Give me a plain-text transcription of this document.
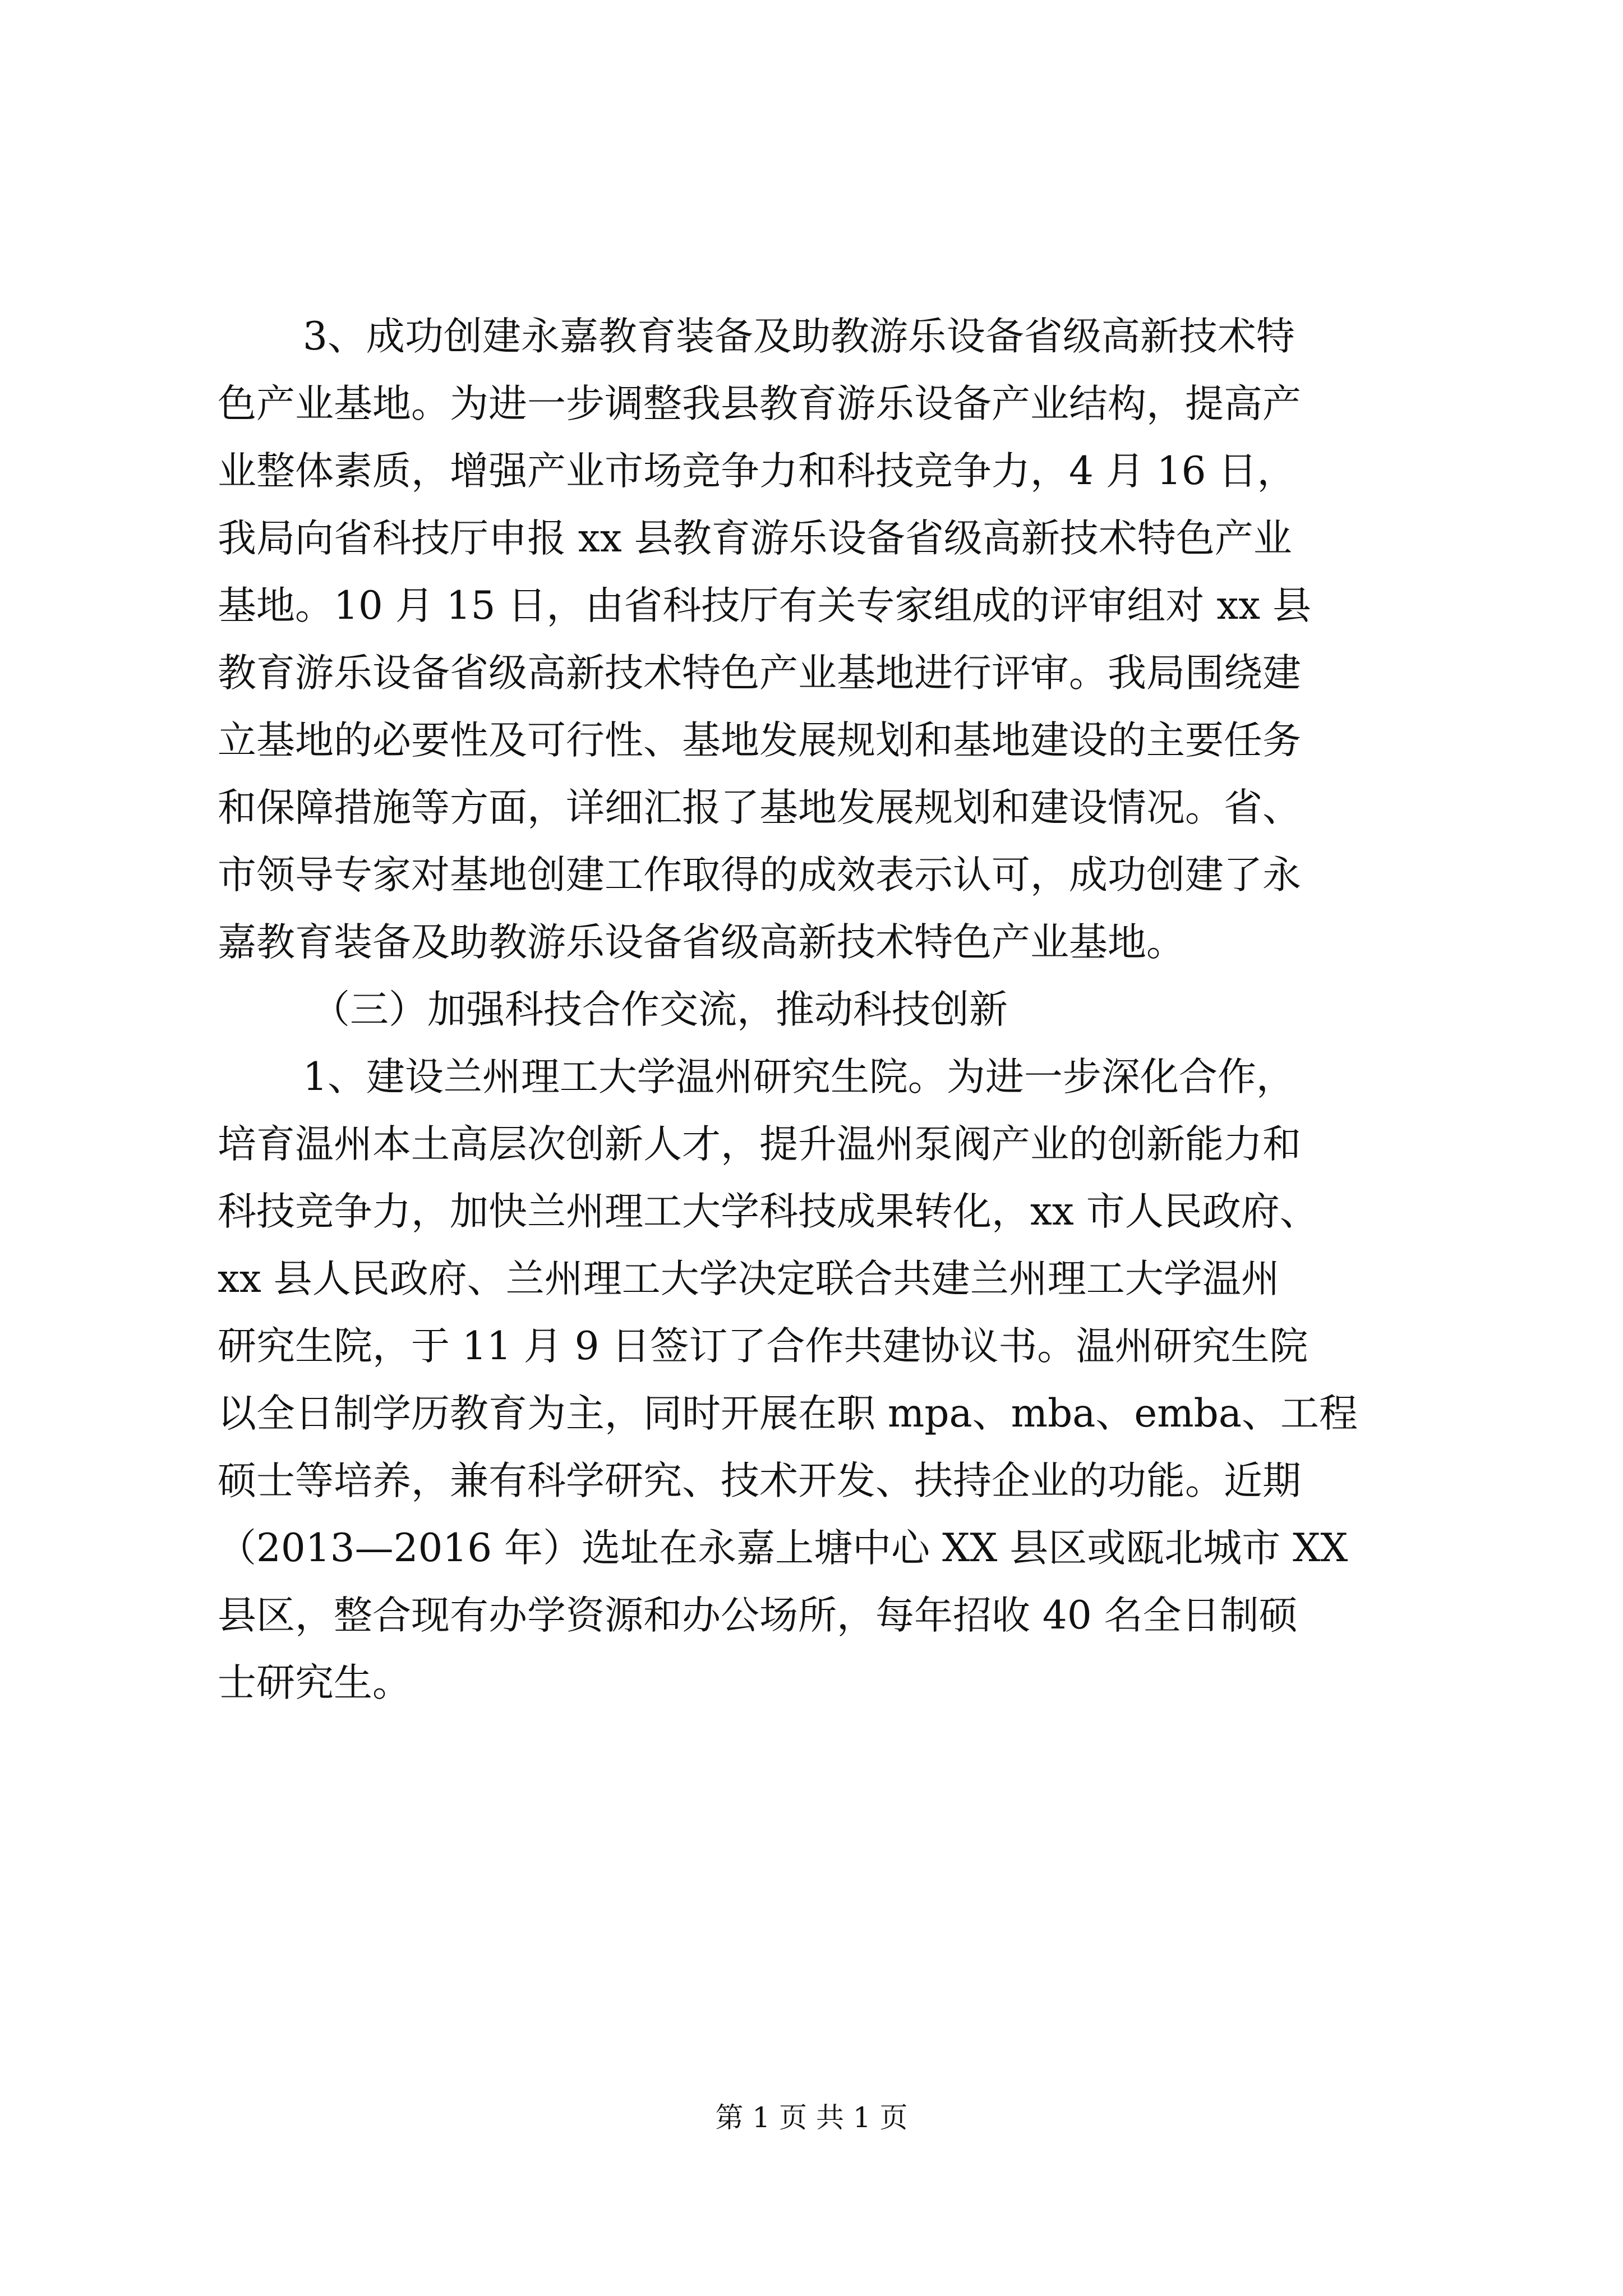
3、成功创建永嘉教育装备及助教游乐设备省级高新技术特
色产业基地。为进一步调整我县教育游乐设备产业结构，提高产
业整体素质，增强产业市场竞争力和科技竞争力，4 月 16 日，
我局向省科技厅申报 xx 县教育游乐设备省级高新技术特色产业
基地。10 月 15 日，由省科技厅有关专家组成的评审组对 xx 县
教育游乐设备省级高新技术特色产业基地进行评审。我局围绕建
立基地的必要性及可行性、基地发展规划和基地建设的主要任务
和保障措施等方面，详细汇报了基地发展规划和建设情况。省、
市领导专家对基地创建工作取得的成效表示认可，成功创建了永
嘉教育装备及助教游乐设备省级高新技术特色产业基地。
（三）加强科技合作交流，推动科技创新
1、建设兰州理工大学温州研究生院。为进一步深化合作，
培育温州本土高层次创新人才，提升温州泵阀产业的创新能力和
科技竞争力，加快兰州理工大学科技成果转化，xx 市人民政府、
xx 县人民政府、兰州理工大学决定联合共建兰州理工大学温州
研究生院，于 11 月 9 日签订了合作共建协议书。温州研究生院
以全日制学历教育为主，同时开展在职 mpa、mba、emba、工程
硕士等培养，兼有科学研究、技术开发、扶持企业的功能。近期
（2013—2016 年）选址在永嘉上塘中心 XX 县区或瓯北城市 XX
县区，整合现有办学资源和办公场所，每年招收 40 名全日制硕
士研究生。
第 1 页 共 1 页
